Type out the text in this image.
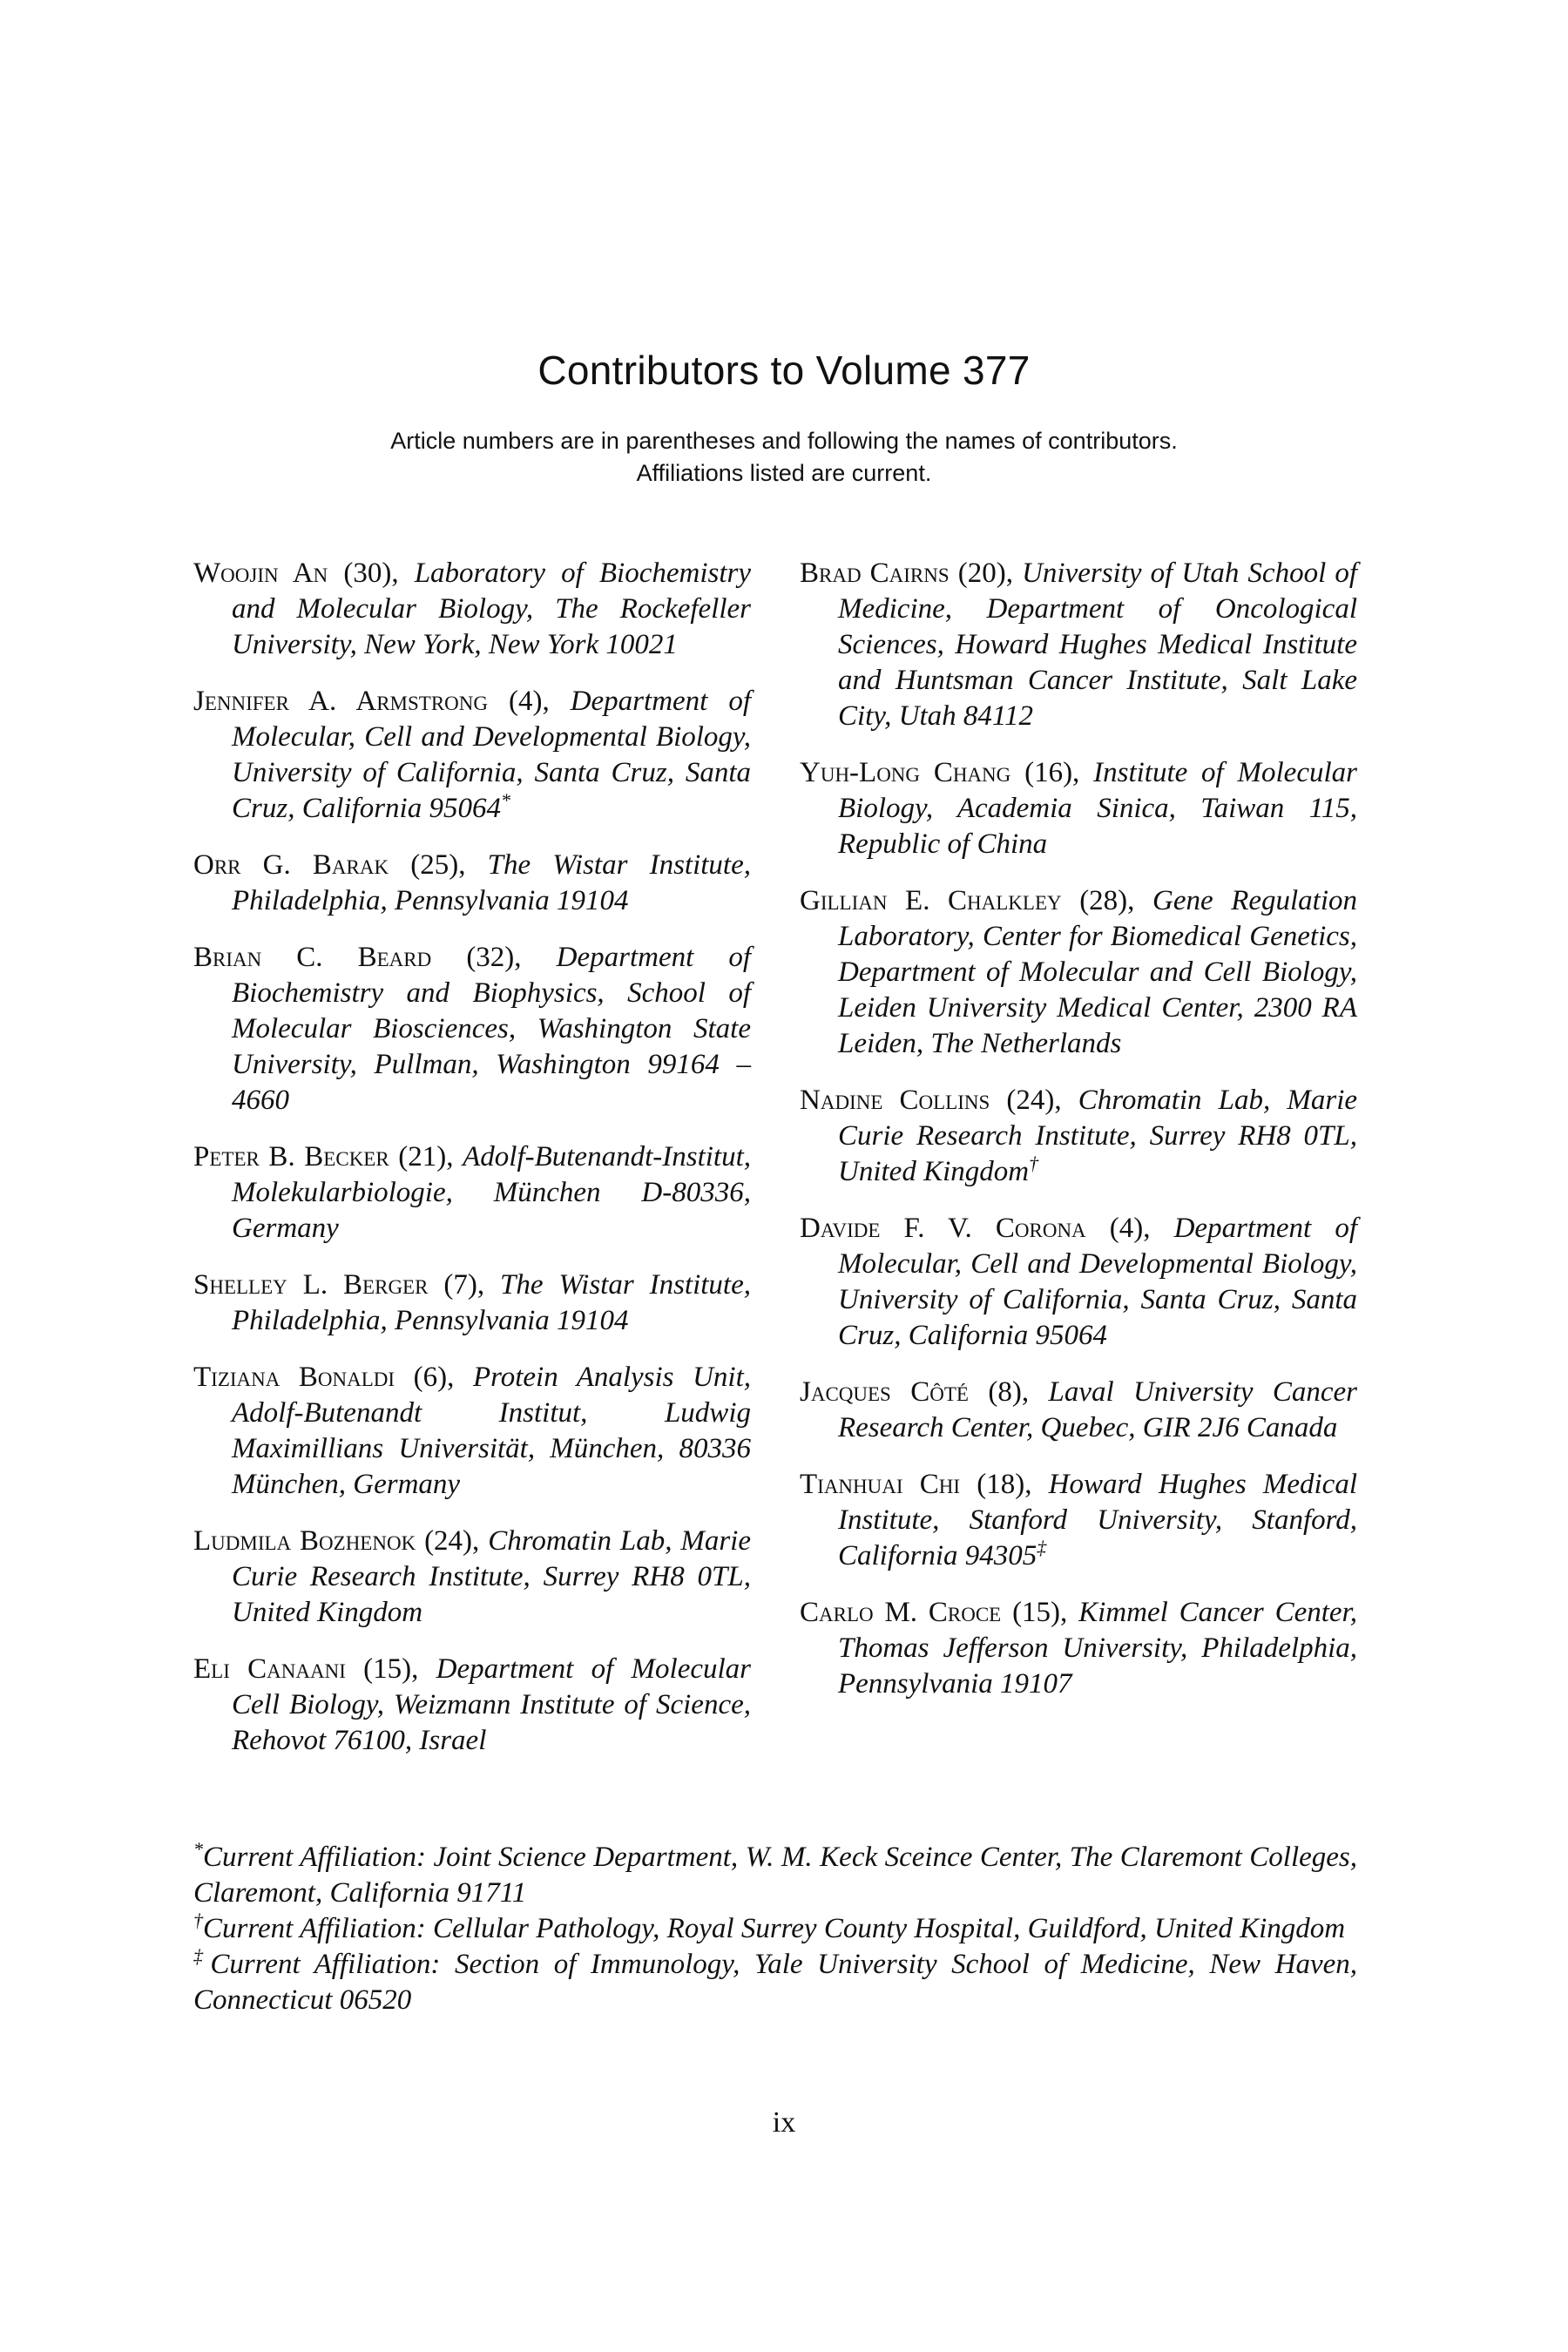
Contributors to Volume 377
Article numbers are in parentheses and following the names of contributors.
Affiliations listed are current.

Woojin An (30), Laboratory of Biochemistry and Molecular Biology, The Rockefeller University, New York, New York 10021

Jennifer A. Armstrong (4), Department of Molecular, Cell and Developmental Biology, University of California, Santa Cruz, Santa Cruz, California 95064*

Orr G. Barak (25), The Wistar Institute, Philadelphia, Pennsylvania 19104

Brian C. Beard (32), Department of Biochemistry and Biophysics, School of Molecular Biosciences, Washington State University, Pullman, Washington 99164 –4660

Peter B. Becker (21), Adolf-Butenandt-Institut, Molekularbiologie, München D-80336, Germany

Shelley L. Berger (7), The Wistar Institute, Philadelphia, Pennsylvania 19104

Tiziana Bonaldi (6), Protein Analysis Unit, Adolf-Butenandt Institut, Ludwig Maximillians Universität, München, 80336 München, Germany

Ludmila Bozhenok (24), Chromatin Lab, Marie Curie Research Institute, Surrey RH8 0TL, United Kingdom

Eli Canaani (15), Department of Molecular Cell Biology, Weizmann Institute of Science, Rehovot 76100, Israel

Brad Cairns (20), University of Utah School of Medicine, Department of Oncological Sciences, Howard Hughes Medical Institute and Huntsman Cancer Institute, Salt Lake City, Utah 84112

Yuh-Long Chang (16), Institute of Molecular Biology, Academia Sinica, Taiwan 115, Republic of China

Gillian E. Chalkley (28), Gene Regulation Laboratory, Center for Biomedical Genetics, Department of Molecular and Cell Biology, Leiden University Medical Center, 2300 RA Leiden, The Netherlands

Nadine Collins (24), Chromatin Lab, Marie Curie Research Institute, Surrey RH8 0TL, United Kingdom†

Davide F. V. Corona (4), Department of Molecular, Cell and Developmental Biology, University of California, Santa Cruz, Santa Cruz, California 95064

Jacques Côté (8), Laval University Cancer Research Center, Quebec, GIR 2J6 Canada

Tianhuai Chi (18), Howard Hughes Medical Institute, Stanford University, Stanford, California 94305‡

Carlo M. Croce (15), Kimmel Cancer Center, Thomas Jefferson University, Philadelphia, Pennsylvania 19107

*Current Affiliation: Joint Science Department, W. M. Keck Sceince Center, The Claremont Colleges, Claremont, California 91711

†Current Affiliation: Cellular Pathology, Royal Surrey County Hospital, Guildford, United Kingdom

‡Current Affiliation: Section of Immunology, Yale University School of Medicine, New Haven, Connecticut 06520

ix
